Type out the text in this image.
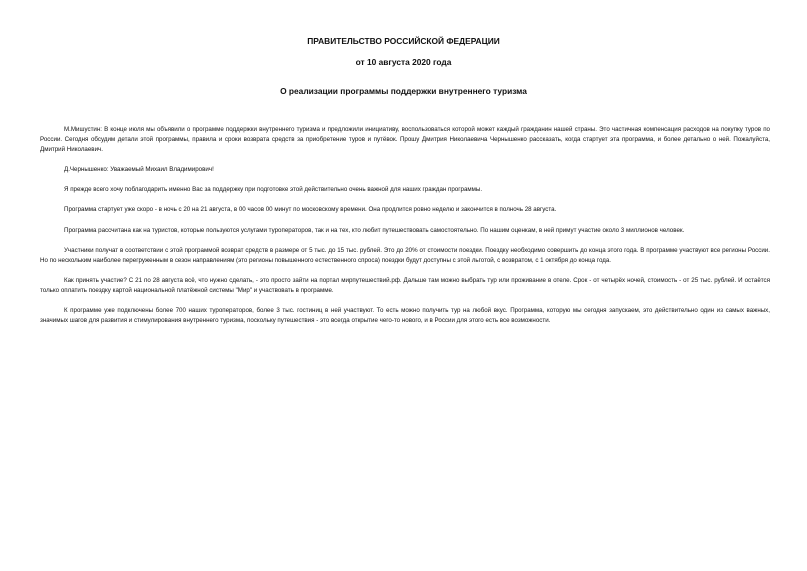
ПРАВИТЕЛЬСТВО РОССИЙСКОЙ ФЕДЕРАЦИИ
от 10 августа 2020 года
О реализации программы поддержки внутреннего туризма

М.Мишустин: В конце июля мы объявили о программе поддержки внутреннего туризма и предложили инициативу, воспользоваться которой может каждый гражданин нашей страны. Это частичная компенсация расходов на покупку туров по России. Сегодня обсудим детали этой программы, правила и сроки возврата средств за приобретение туров и путёвок. Прошу Дмитрия Николаевича Чернышенко рассказать, когда стартует эта программа, и более детально о ней. Пожалуйста, Дмитрий Николаевич.

Д.Чернышенко: Уважаемый Михаил Владимирович!

Я прежде всего хочу поблагодарить именно Вас за поддержку при подготовке этой действительно очень важной для наших граждан программы.

Программа стартует уже скоро - в ночь с 20 на 21 августа, в 00 часов 00 минут по московскому времени. Она продлится ровно неделю и закончится в полночь 28 августа.

Программа рассчитана как на туристов, которые пользуются услугами туроператоров, так и на тех, кто любит путешествовать самостоятельно. По нашим оценкам, в ней примут участие около 3 миллионов человек.

Участники получат в соответствии с этой программой возврат средств в размере от 5 тыс. до 15 тыс. рублей. Это до 20% от стоимости поездки. Поездку необходимо совершить до конца этого года. В программе участвуют все регионы России. Но по нескольким наиболее перегруженным в сезон направлениям (это регионы повышенного естественного спроса) поездки будут доступны с этой льготой, с возвратом, с 1 октября до конца года.

Как принять участие? С 21 по 28 августа всё, что нужно сделать, - это просто зайти на портал мирпутешествий.рф. Дальше там можно выбрать тур или проживание в отеле. Срок - от четырёх ночей, стоимость - от 25 тыс. рублей. И остаётся только оплатить поездку картой национальной платёжной системы "Мир" и участвовать в программе.

К программе уже подключены более 700 наших туроператоров, более 3 тыс. гостиниц в ней участвуют. То есть можно получить тур на любой вкус. Программа, которую мы сегодня запускаем, это действительно один из самых важных, значимых шагов для развития и стимулирования внутреннего туризма, поскольку путешествия - это всегда открытие чего-то нового, и в России для этого есть все возможности.
